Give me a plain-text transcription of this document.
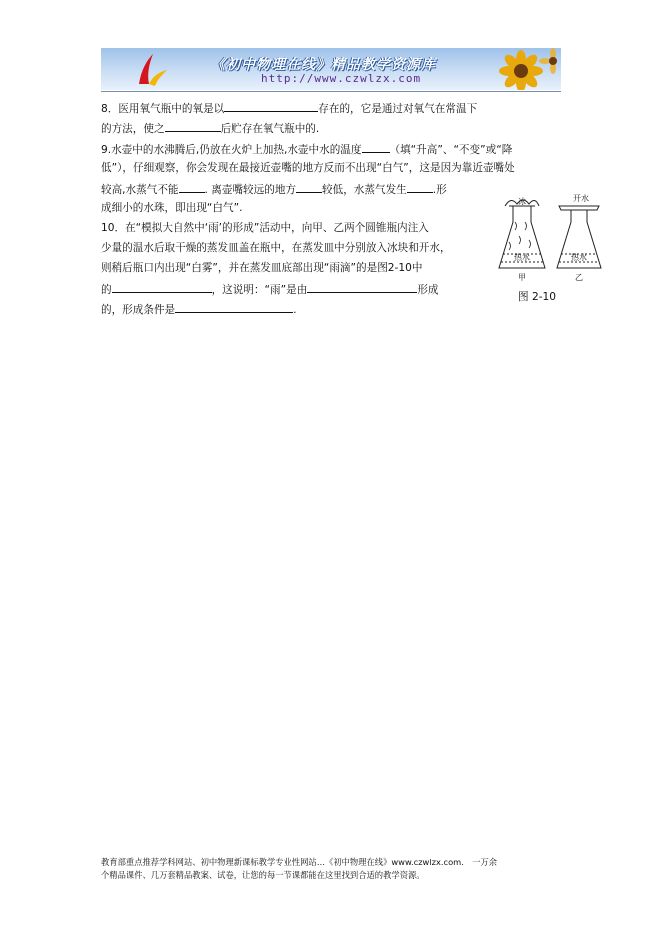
《初中物理在线》精品教学资源库
http://www.czwlzx.com
8．医用氧气瓶中的氧是以	存在的，它是通过对氧气在常温下
的方法，使之	后贮存在氧气瓶中的.
9.水壶中的水沸腾后,仍放在火炉上加热,水壶中水的温度	（填“升高”、“不变”或“降
低”），仔细观察，你会发现在最接近壶嘴的地方反而不出现“白气”，这是因为靠近壶嘴处
较高,水蒸气不能 . 离壶嘴较远的地方 较低，水蒸气发生 .形
成细小的水珠，即出现“白气”.
10．在“模拟大自然中‘雨’的形成”活动中，向甲、乙两个圆锥瓶内注入
少量的温水后取干燥的蒸发皿盖在瓶中，在蒸发皿中分别放入冰块和开水，
则稍后瓶口内出现“白雾”，并在蒸发皿底部出现“雨滴”的是图2-10中
的	，这说明：“雨”是由	形成
的，形成条件是	.
冰
热水
甲
开水
热水
乙
图 2-10
教育部重点推荐学科网站、初中物理新课标教学专业性网站…《初中物理在线》www.czwlzx.com． 一万余
个精品课件、几万套精品教案、试卷，让您的每一节课都能在这里找到合适的教学资源。
